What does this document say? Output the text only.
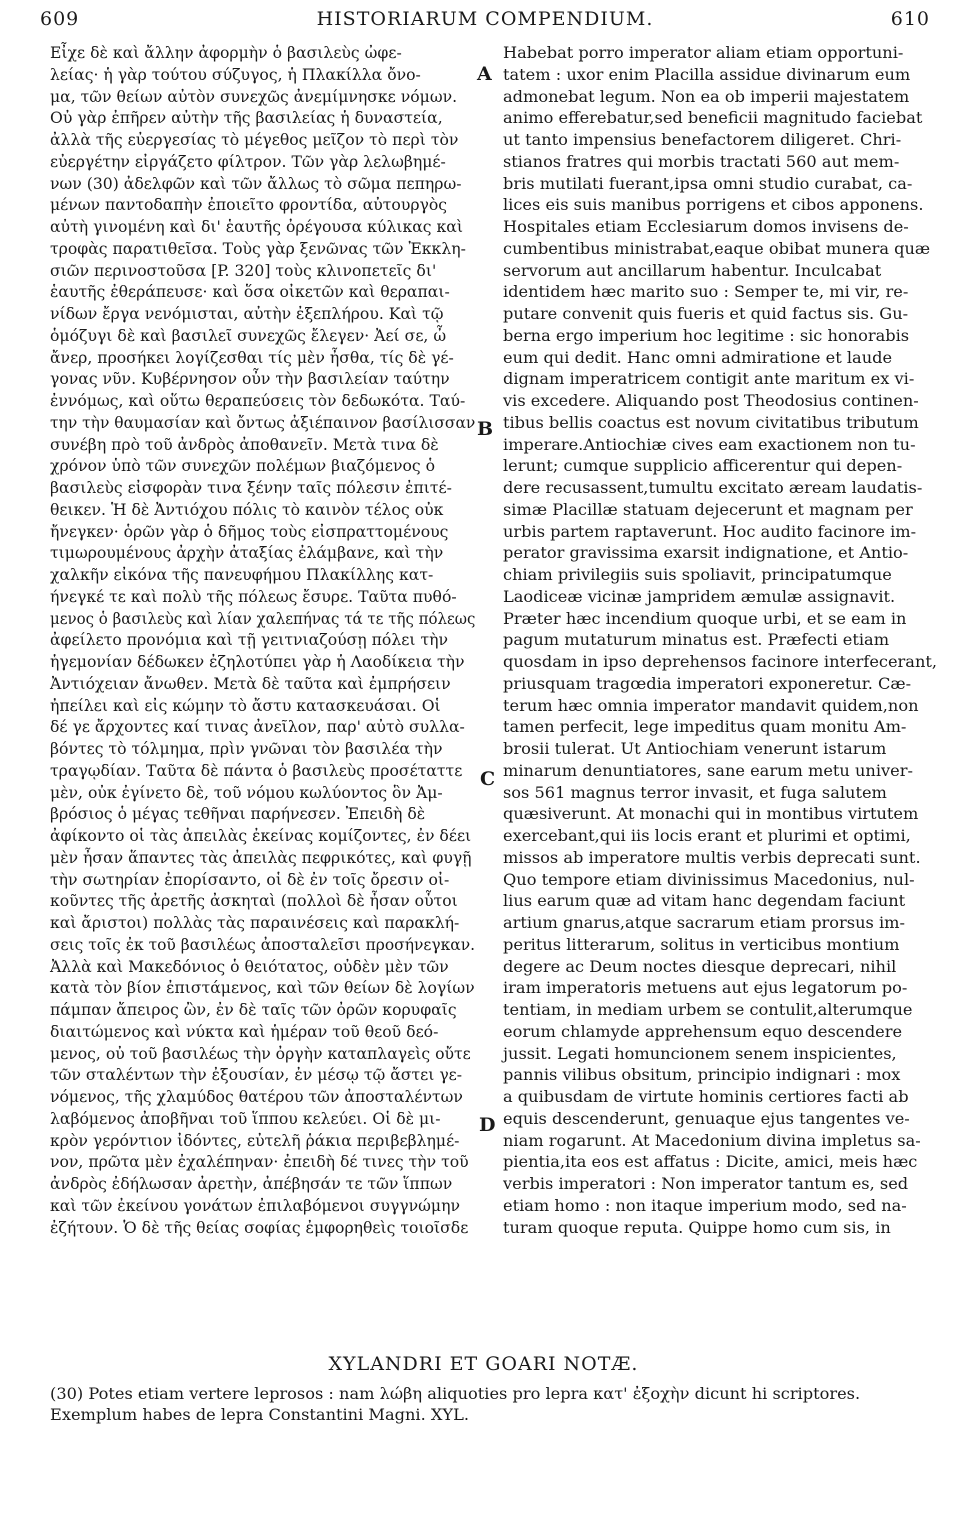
609	HISTORIARUM COMPENDIUM.	610

Εἶχε δὲ καὶ ἄλλην ἀφορμὴν ὁ βασιλεὺς ὠφε-

λείας· ἡ γὰρ τούτου σύζυγος, ἡ Πλακίλλα ὄνο-

μα, τῶν θείων αὐτὸν συνεχῶς ἀνεμίμνησκε νόμων.

Οὐ γὰρ ἐπῆρεν αὐτὴν τῆς βασιλείας ἡ δυναστεία,

ἀλλὰ τῆς εὐεργεσίας τὸ μέγεθος μεῖζον τὸ περὶ τὸν

εὐεργέτην εἰργάζετο φίλτρον. Τῶν γὰρ λελωβημέ-

νων (30) ἀδελφῶν καὶ τῶν ἄλλως τὸ σῶμα πεπηρω-

μένων παντοδαπὴν ἐποιεῖτο φροντίδα, αὐτουργὸς

αὐτὴ γινομένη καὶ δι' ἑαυτῆς ὀρέγουσα κύλικας καὶ

τροφὰς παρατιθεῖσα. Τοὺς γὰρ ξενῶνας τῶν Ἐκκλη-

σιῶν περινοστοῦσα [P. 320] τοὺς κλινοπετεῖς δι'

ἑαυτῆς ἐθεράπευσε· καὶ ὅσα οἰκετῶν καὶ θεραπαι-

νίδων ἔργα νενόμισται, αὐτὴν ἐξεπλήρου. Καὶ τῷ

ὁμόζυγι δὲ καὶ βασιλεῖ συνεχῶς ἔλεγεν· Ἀεί σε, ὦ

ἄνερ, προσήκει λογίζεσθαι τίς μὲν ἦσθα, τίς δὲ γέ-

γονας νῦν. Κυβέρνησον οὖν τὴν βασιλείαν ταύτην

ἐννόμως, καὶ οὕτω θεραπεύσεις τὸν δεδωκότα. Ταύ-

την τὴν θαυμασίαν καὶ ὄντως ἀξιέπαινον βασίλισσαν

συνέβη πρὸ τοῦ ἀνδρὸς ἀποθανεῖν. Μετὰ τινα δὲ

χρόνον ὑπὸ τῶν συνεχῶν πολέμων βιαζόμενος ὁ

βασιλεὺς εἰσφορὰν τινα ξένην ταῖς πόλεσιν ἐπιτέ-

θεικεν. Ἡ δὲ Ἀντιόχου πόλις τὸ καινὸν τέλος οὐκ

ἤνεγκεν· ὁρῶν γὰρ ὁ δῆμος τοὺς εἰσπραττομένους

τιμωρουμένους ἀρχὴν ἀταξίας ἐλάμβανε, καὶ τὴν

χαλκῆν εἰκόνα τῆς πανευφήμου Πλακίλλης κατ-

ήνεγκέ τε καὶ πολὺ τῆς πόλεως ἔσυρε. Ταῦτα πυθό-

μενος ὁ βασιλεὺς καὶ λίαν χαλεπήνας τά τε τῆς πόλεως

ἀφείλετο προνόμια καὶ τῇ γειτνιαζούσῃ πόλει τὴν

ἡγεμονίαν δέδωκεν ἐζηλοτύπει γὰρ ἡ Λαοδίκεια τὴν

Ἀντιόχειαν ἄνωθεν. Μετὰ δὲ ταῦτα καὶ ἐμπρήσειν

ἠπείλει καὶ εἰς κώμην τὸ ἄστυ κατασκευάσαι. Οἱ

δέ γε ἄρχοντες καί τινας ἀνεῖλον, παρ' αὐτὸ συλλα-

βόντες τὸ τόλμημα, πρὶν γνῶναι τὸν βασιλέα τὴν

τραγῳδίαν. Ταῦτα δὲ πάντα ὁ βασιλεὺς προσέταττε

μὲν, οὐκ ἐγίνετο δὲ, τοῦ νόμου κωλύοντος ὃν Ἀμ-

βρόσιος ὁ μέγας τεθῆναι παρήνεσεν. Ἐπειδὴ δὲ

ἀφίκοντο οἱ τὰς ἀπειλὰς ἐκείνας κομίζοντες, ἐν δέει

μὲν ἦσαν ἅπαντες τὰς ἀπειλὰς πεφρικότες, καὶ φυγῇ

τὴν σωτηρίαν ἐπορίσαντο, οἱ δὲ ἐν τοῖς ὄρεσιν οἰ-

κοῦντες τῆς ἀρετῆς ἀσκηταὶ (πολλοὶ δὲ ἦσαν οὗτοι

καὶ ἄριστοι) πολλὰς τὰς παραινέσεις καὶ παρακλή-

σεις τοῖς ἐκ τοῦ βασιλέως ἀποσταλεῖσι προσήνεγκαν.

Ἀλλὰ καὶ Μακεδόνιος ὁ θειότατος, οὐδὲν μὲν τῶν

κατὰ τὸν βίον ἐπιστάμενος, καὶ τῶν θείων δὲ λογίων

πάμπαν ἄπειρος ὢν, ἐν δὲ ταῖς τῶν ὀρῶν κορυφαῖς

διαιτώμενος καὶ νύκτα καὶ ἡμέραν τοῦ θεοῦ δεό-

μενος, οὐ τοῦ βασιλέως τὴν ὀργὴν καταπλαγεὶς οὔτε

τῶν σταλέντων τὴν ἐξουσίαν, ἐν μέσῳ τῷ ἄστει γε-

νόμενος, τῆς χλαμύδος θατέρου τῶν ἀποσταλέντων

λαβόμενος ἀποβῆναι τοῦ ἵππου κελεύει. Οἱ δὲ μι-

κρὸν γερόντιον ἰδόντες, εὐτελῆ ῥάκια περιβεβλημέ-

νον, πρῶτα μὲν ἐχαλέπηναν· ἐπειδὴ δέ τινες τὴν τοῦ

ἀνδρὸς ἐδήλωσαν ἀρετὴν, ἀπέβησάν τε τῶν ἵππων

καὶ τῶν ἐκείνου γονάτων ἐπιλαβόμενοι συγγνώμην

ἐζήτουν. Ὁ δὲ τῆς θείας σοφίας ἐμφορηθεὶς τοιοῖσδε

A
B
C
D

Habebat porro imperator aliam etiam opportuni-

tatem : uxor enim Placilla assidue divinarum eum

admonebat legum. Non ea ob imperii majestatem

animo efferebatur,sed beneficii magnitudo faciebat

ut tanto impensius benefactorem diligeret. Chri-

stianos fratres qui morbis tractati 560 aut mem-

bris mutilati fuerant,ipsa omni studio curabat, ca-

lices eis suis manibus porrigens et cibos apponens.

Hospitales etiam Ecclesiarum domos invisens de-

cumbentibus ministrabat,eaque obibat munera quæ

servorum aut ancillarum habentur. Inculcabat

identidem hæc marito suo : Semper te, mi vir, re-

putare convenit quis fueris et quid factus sis. Gu-

berna ergo imperium hoc legitime : sic honorabis

eum qui dedit. Hanc omni admiratione et laude

dignam imperatricem contigit ante maritum ex vi-

vis excedere. Aliquando post Theodosius continen-

tibus bellis coactus est novum civitatibus tributum

imperare.Antiochiæ cives eam exactionem non tu-

lerunt; cumque supplicio afficerentur qui depen-

dere recusassent,tumultu excitato æream laudatis-

simæ Placillæ statuam dejecerunt et magnam per

urbis partem raptaverunt. Hoc audito facinore im-

perator gravissima exarsit indignatione, et Antio-

chiam privilegiis suis spoliavit, principatumque

Laodiceæ vicinæ jampridem æmulæ assignavit.

Præter hæc incendium quoque urbi, et se eam in

pagum mutaturum minatus est. Præfecti etiam

quosdam in ipso deprehensos facinore interfecerant,

priusquam tragœdia imperatori exponeretur. Cæ-

terum hæc omnia imperator mandavit quidem,non

tamen perfecit, lege impeditus quam monitu Am-

brosii tulerat. Ut Antiochiam venerunt istarum

minarum denuntiatores, sane earum metu univer-

sos 561 magnus terror invasit, et fuga salutem

quæsiverunt. At monachi qui in montibus virtutem

exercebant,qui iis locis erant et plurimi et optimi,

missos ab imperatore multis verbis deprecati sunt.

Quo tempore etiam divinissimus Macedonius, nul-

lius earum quæ ad vitam hanc degendam faciunt

artium gnarus,atque sacrarum etiam prorsus im-

peritus litterarum, solitus in verticibus montium

degere ac Deum noctes diesque deprecari, nihil

iram imperatoris metuens aut ejus legatorum po-

tentiam, in mediam urbem se contulit,alterumque

eorum chlamyde apprehensum equo descendere

jussit. Legati homuncionem senem inspicientes,

pannis vilibus obsitum, principio indignari : mox

a quibusdam de virtute hominis certiores facti ab

equis descenderunt, genuaque ejus tangentes ve-

niam rogarunt. At Macedonium divina impletus sa-

pientia,ita eos est affatus : Dicite, amici, meis hæc

verbis imperatori : Non imperator tantum es, sed

etiam homo : non itaque imperium modo, sed na-

turam quoque reputa. Quippe homo cum sis, in

XYLANDRI ET GOARI NOTÆ.

(30) Potes etiam vertere leprosos : nam λώβη aliquoties pro lepra κατ' ἐξοχὴν dicunt hi scriptores.

Exemplum habes de lepra Constantini Magni. XYL.
